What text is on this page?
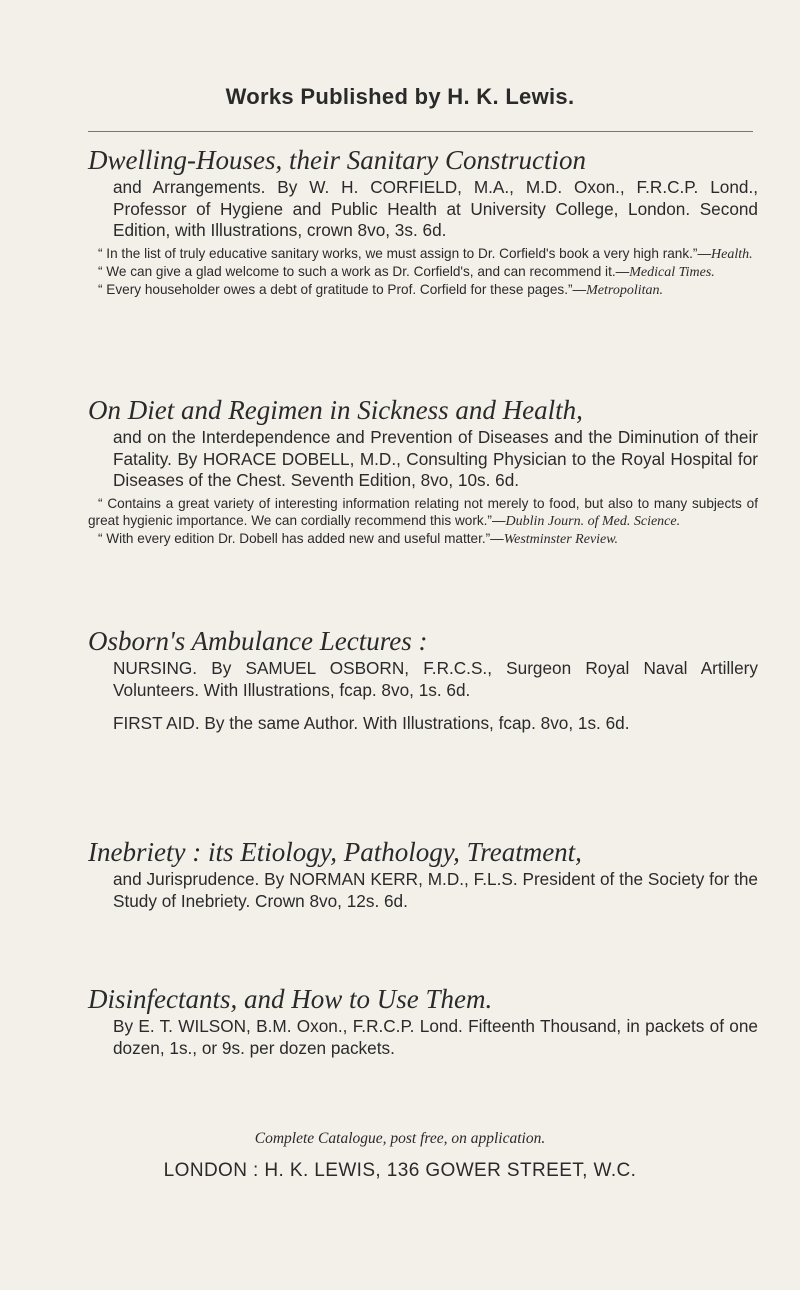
Works Published by H. K. Lewis.
Dwelling-Houses, their Sanitary Construction
and Arrangements. By W. H. CORFIELD, M.A., M.D. Oxon., F.R.C.P. Lond., Professor of Hygiene and Public Health at University College, London. Second Edition, with Illustrations, crown 8vo, 3s. 6d.
“ In the list of truly educative sanitary works, we must assign to Dr. Corfield's book a very high rank.”—Health.
“ We can give a glad welcome to such a work as Dr. Corfield's, and can recommend it.—Medical Times.
“ Every householder owes a debt of gratitude to Prof. Corfield for these pages.”—Metropolitan.
On Diet and Regimen in Sickness and Health,
and on the Interdependence and Prevention of Diseases and the Diminution of their Fatality. By HORACE DOBELL, M.D., Consulting Physician to the Royal Hospital for Diseases of the Chest. Seventh Edition, 8vo, 10s. 6d.
“ Contains a great variety of interesting information relating not merely to food, but also to many subjects of great hygienic importance. We can cordially recommend this work.”—Dublin Journ. of Med. Science.
“ With every edition Dr. Dobell has added new and useful matter.”—Westminster Review.
Osborn's Ambulance Lectures :
NURSING. By SAMUEL OSBORN, F.R.C.S., Surgeon Royal Naval Artillery Volunteers. With Illustrations, fcap. 8vo, 1s. 6d.
FIRST AID. By the same Author. With Illustrations, fcap. 8vo, 1s. 6d.
Inebriety : its Etiology, Pathology, Treatment,
and Jurisprudence. By NORMAN KERR, M.D., F.L.S. President of the Society for the Study of Inebriety. Crown 8vo, 12s. 6d.
Disinfectants, and How to Use Them.
By E. T. WILSON, B.M. Oxon., F.R.C.P. Lond. Fifteenth Thousand, in packets of one dozen, 1s., or 9s. per dozen packets.
Complete Catalogue, post free, on application.
LONDON : H. K. LEWIS, 136 GOWER STREET, W.C.
